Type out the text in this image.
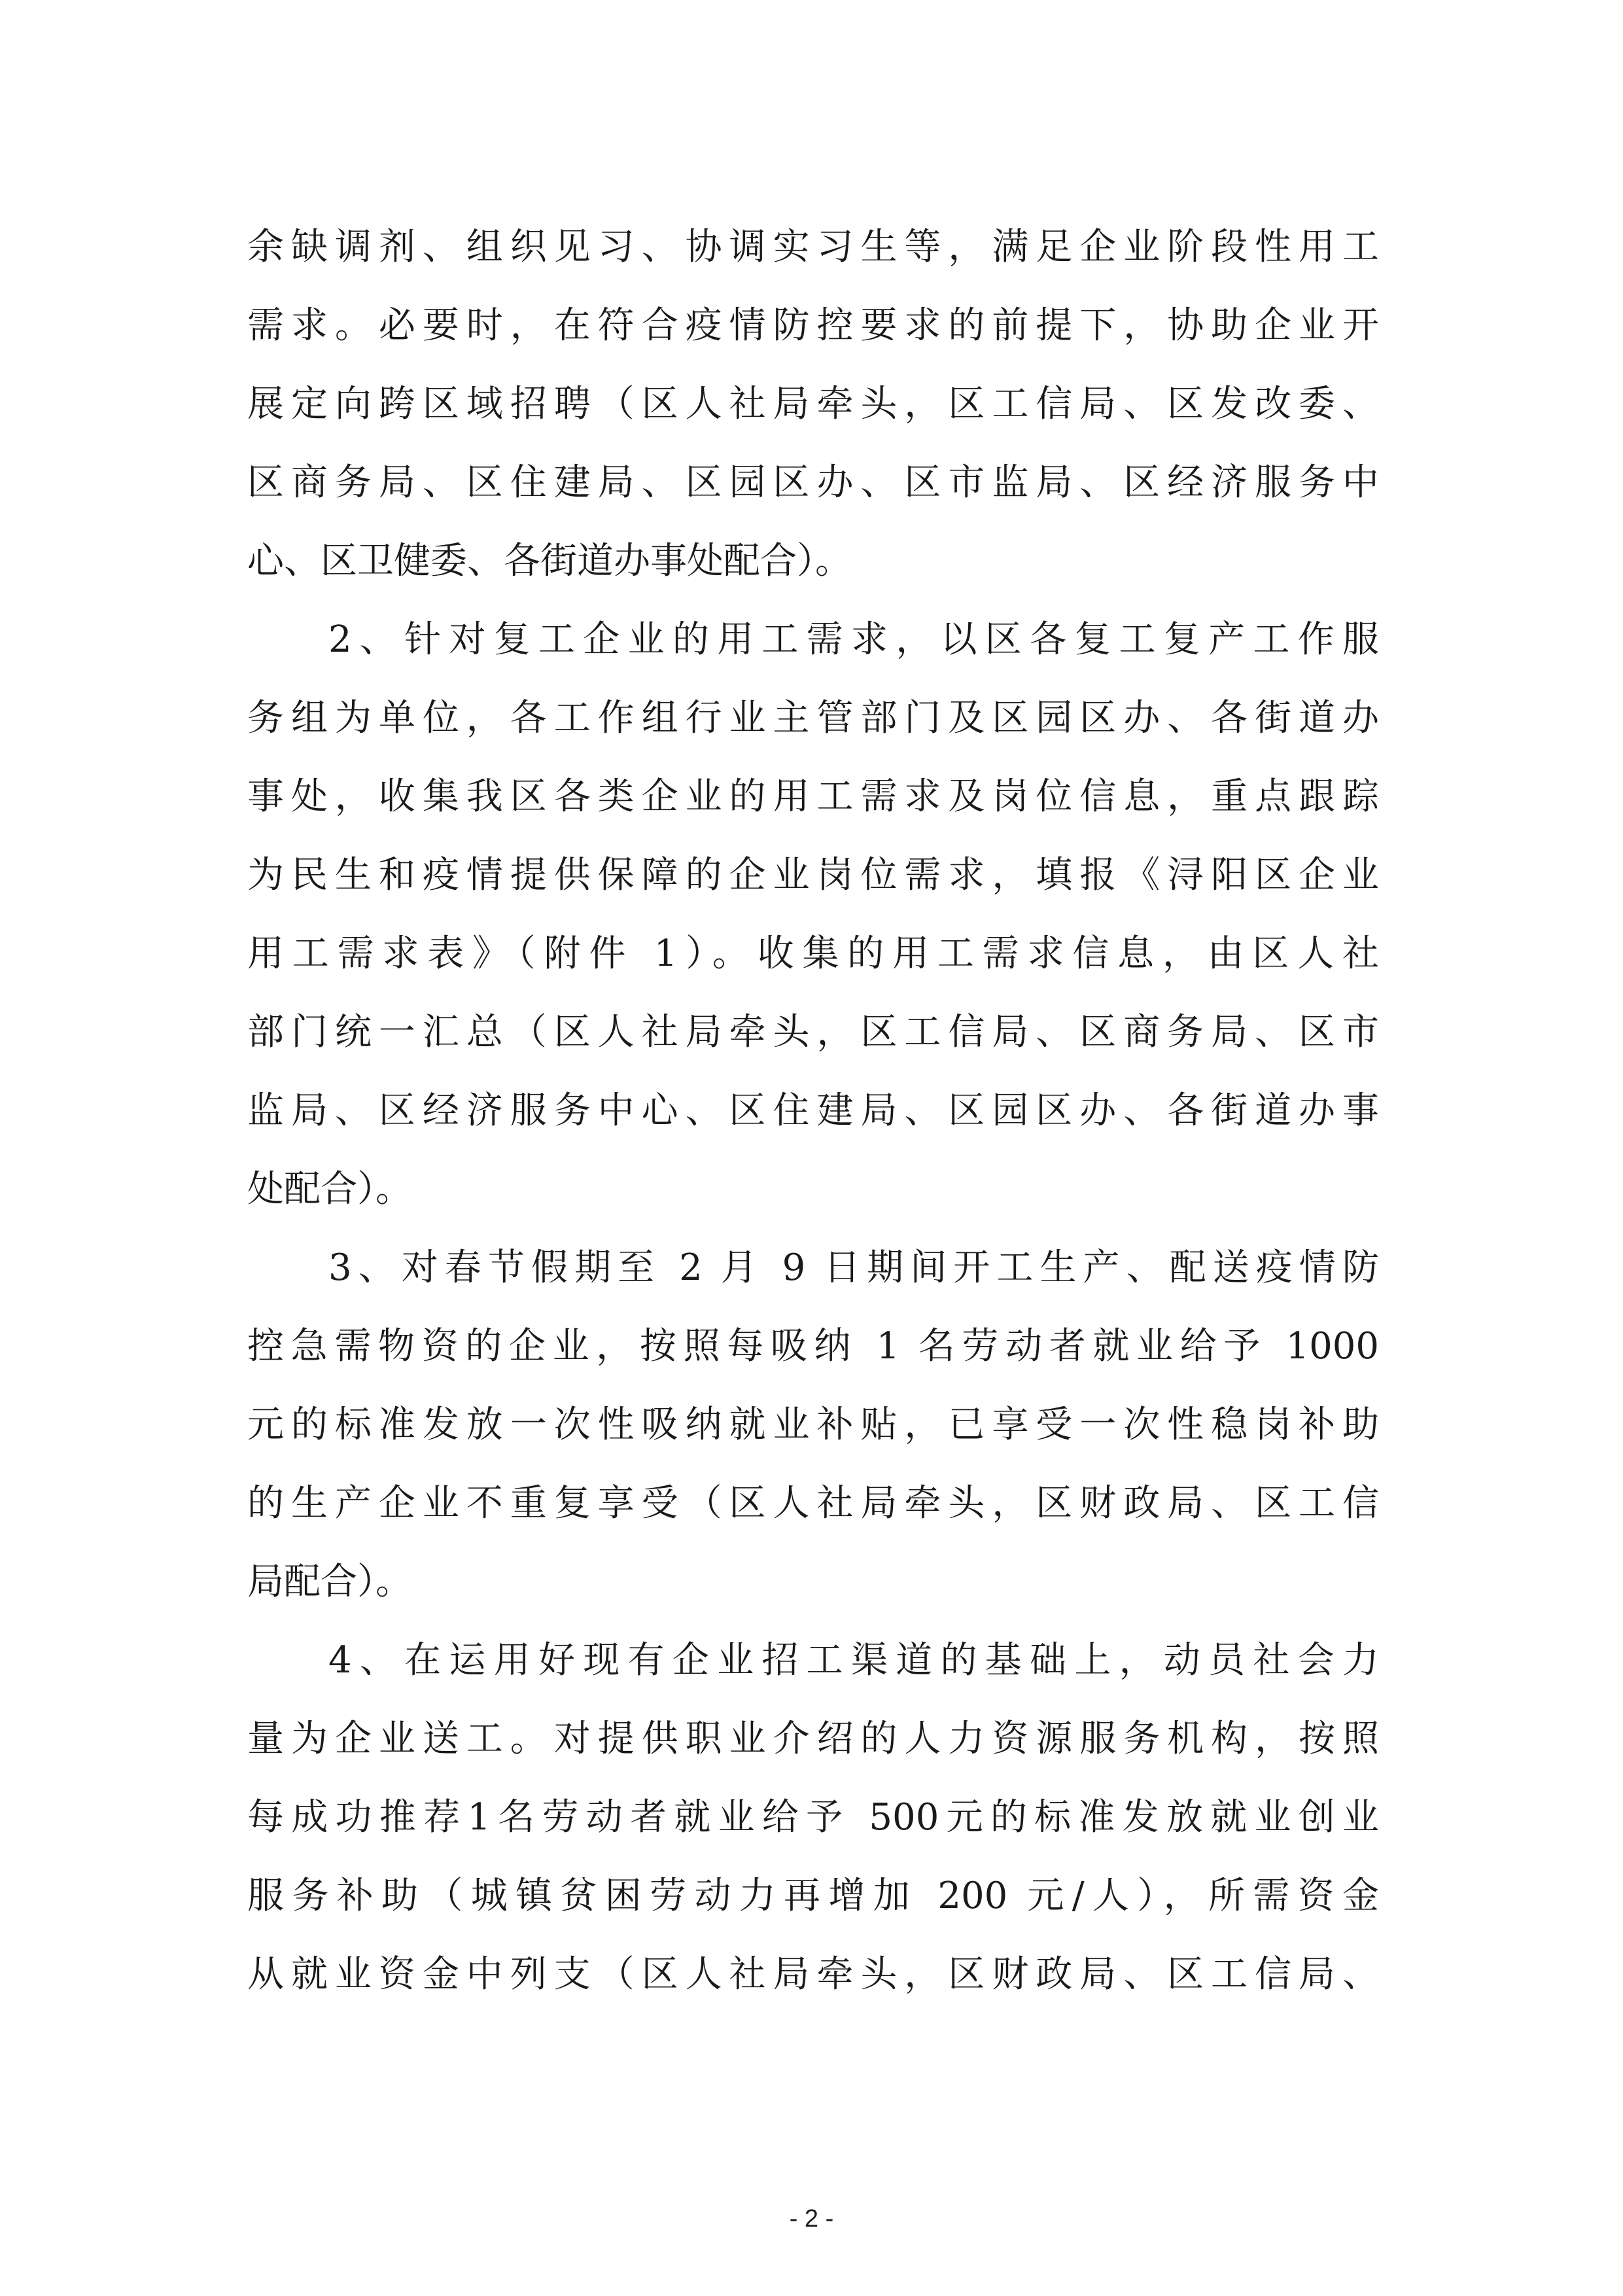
余缺调剂、组织见习、协调实习生等，满足企业阶段性用工
需求。必要时，在符合疫情防控要求的前提下，协助企业开
展定向跨区域招聘（区人社局牵头，区工信局、区发改委、
区商务局、区住建局、区园区办、区市监局、区经济服务中
心、区卫健委、各街道办事处配合）。
2、针对复工企业的用工需求，以区各复工复产工作服
务组为单位，各工作组行业主管部门及区园区办、各街道办
事处，收集我区各类企业的用工需求及岗位信息，重点跟踪
为民生和疫情提供保障的企业岗位需求，填报《浔阳区企业
用工需求表》（附件 1）。收集的用工需求信息，由区人社
部门统一汇总（区人社局牵头，区工信局、区商务局、区市
监局、区经济服务中心、区住建局、区园区办、各街道办事
处配合）。
3、对春节假期至 2 月 9 日期间开工生产、配送疫情防
控急需物资的企业，按照每吸纳 1 名劳动者就业给予 1000
元的标准发放一次性吸纳就业补贴，已享受一次性稳岗补助
的生产企业不重复享受（区人社局牵头，区财政局、区工信
局配合）。
4、在运用好现有企业招工渠道的基础上，动员社会力
量为企业送工。对提供职业介绍的人力资源服务机构，按照
每成功推荐1名劳动者就业给予 500元的标准发放就业创业
服务补助（城镇贫困劳动力再增加 200 元/人），所需资金
从就业资金中列支（区人社局牵头，区财政局、区工信局、
- 2 -
